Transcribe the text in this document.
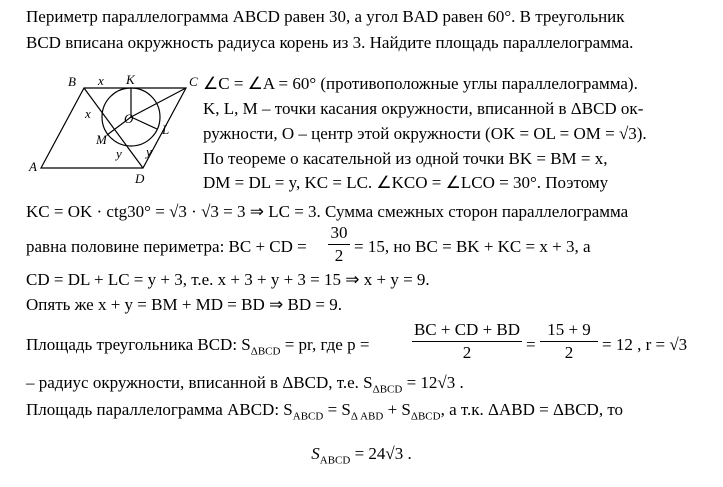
Периметр параллелограмма ABCD равен 30, а угол BAD равен 60°. В треугольник
BCD вписана окружность радиуса корень из 3. Найдите площадь параллелограмма.
A
B	C
D
K
L
M
O
x
x
y y
∠C = ∠A = 60° (противоположные углы параллелограмма).
K, L, M – точки касания окружности, вписанной в ΔBCD ок-
ружности, O – центр этой окружности (OK = OL = OM = √3).
По теореме о касательной из одной точки BK = BM = x,
DM = DL = y, KC = LC. ∠KCO = ∠LCO = 30°. Поэтому
KC = OK · ctg30° = √3 · √3 = 3 ⇒ LC = 3. Сумма смежных сторон параллелограмма
равна половине периметра: BC + CD =
30
2 = 15, но BC = BK + KC = x + 3, а
CD = DL + LC = y + 3, т.е. x + 3 + y + 3 = 15 ⇒ x + y = 9.
Опять же x + y = BM + MD = BD ⇒ BD = 9.
Площадь треугольника BCD: $S_{\Delta BCD}$ = pr, где p =
BC + CD + BD
2	=
15 + 9
2	= 12 , r = √3
– радиус окружности, вписанной в ΔBCD, т.е. $S_{\Delta BCD} = 12√3$ .
Площадь параллелограмма ABCD: $S_{ABCD} = S_{\Delta ABD} + S_{\Delta BCD}$, а т.к. ΔABD = ΔBCD, то
$S_{ABCD} = 24√3$ .
